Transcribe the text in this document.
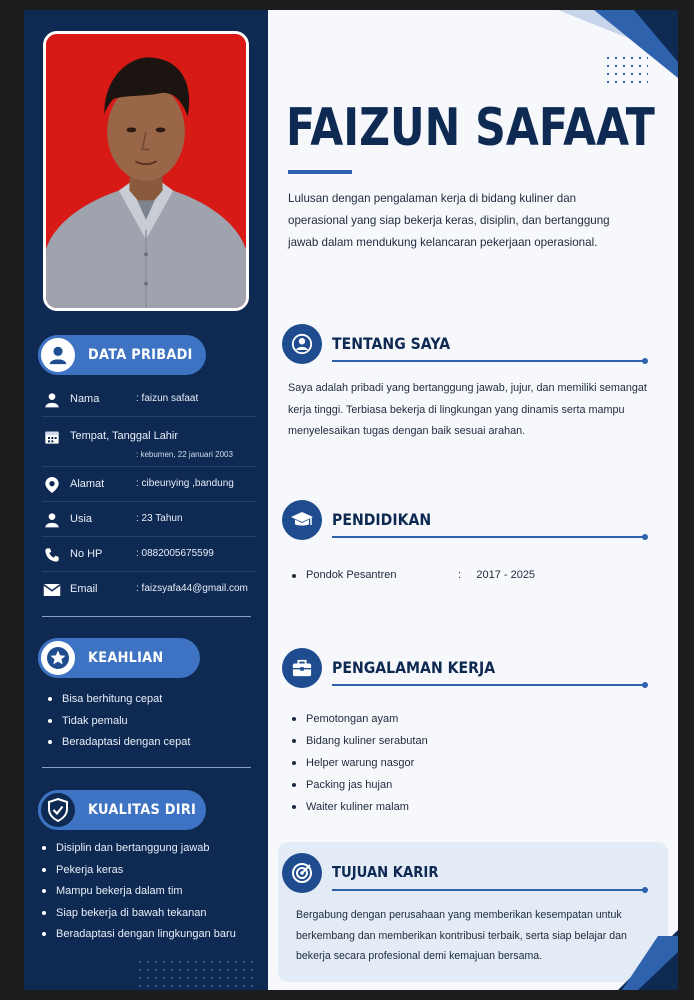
DATA PRIBADI
Nama	: faizun safaat
Tempat, Tanggal Lahir
: kebumen, 22 januari 2003
Alamat	: cibeunying ,bandung
Usia	: 23 Tahun
No HP	: 0882005675599
Email	: faizsyafa44@gmail.com
KEAHLIAN
Bisa berhitung cepat
Tidak pemalu
Beradaptasi dengan cepat
KUALITAS DIRI
Disiplin dan bertanggung jawab
Pekerja keras
Mampu bekerja dalam tim
Siap bekerja di bawah tekanan
Beradaptasi dengan lingkungan baru
FAIZUN SAFAAT
Lulusan dengan pengalaman kerja di bidang kuliner dan operasional yang siap bekerja keras, disiplin, dan bertanggung jawab dalam mendukung kelancaran pekerjaan operasional.
TENTANG SAYA
Saya adalah pribadi yang bertanggung jawab, jujur, dan memiliki semangat kerja tinggi. Terbiasa bekerja di lingkungan yang dinamis serta mampu menyelesaikan tugas dengan baik sesuai arahan.
PENDIDIKAN
Pondok Pesantren	:     2017 - 2025
PENGALAMAN KERJA
Pemotongan ayam
Bidang kuliner serabutan
Helper warung nasgor
Packing jas hujan
Waiter kuliner malam
TUJUAN KARIR
Bergabung dengan perusahaan yang memberikan kesempatan untuk berkembang dan memberikan kontribusi terbaik, serta siap belajar dan bekerja secara profesional demi kemajuan bersama.
